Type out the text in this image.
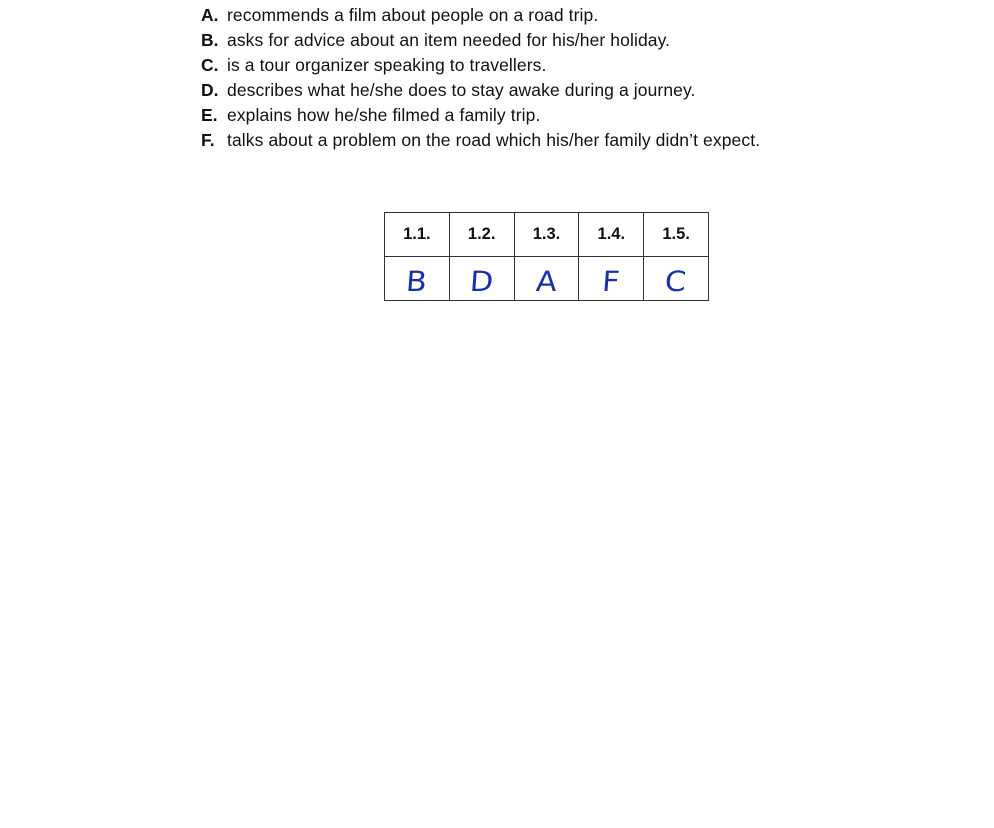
A. recommends a film about people on a road trip.
B. asks for advice about an item needed for his/her holiday.
C. is a tour organizer speaking to travellers.
D. describes what he/she does to stay awake during a journey.
E. explains how he/she filmed a family trip.
F. talks about a problem on the road which his/her family didn’t expect.
1.1.	1.2.	1.3.	1.4.	1.5.
B	D	A	F	C
